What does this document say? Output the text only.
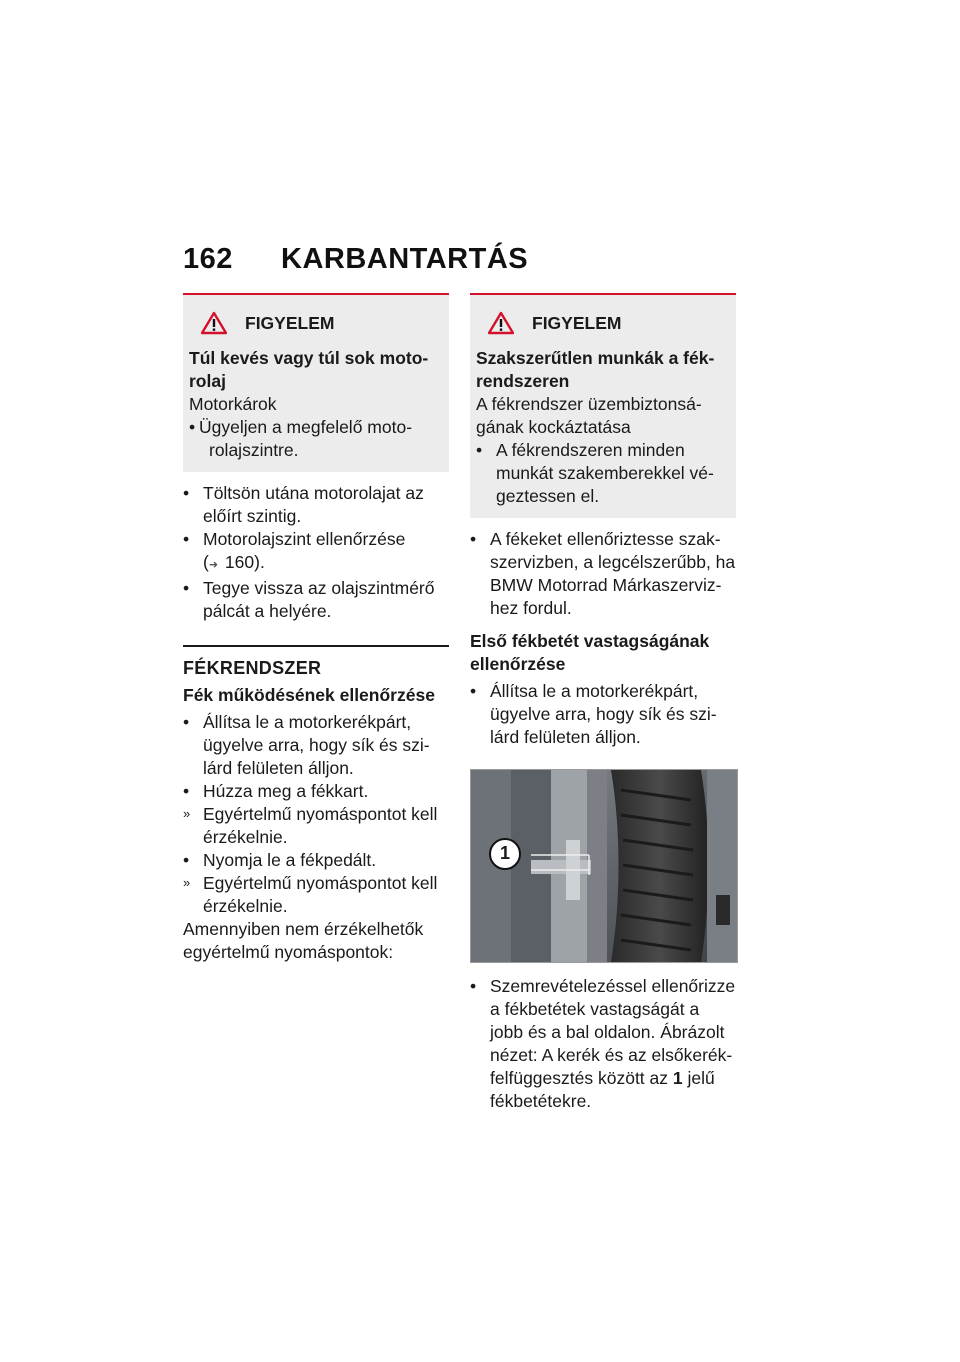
162 KARBANTARTÁS
FIGYELEM
Túl kevés vagy túl sok motorolaj
Motorkárok
• Ügyeljen a megfelelő motorolajszintre.
• Töltsön utána motorolajat az előírt szintig.
• Motorolajszint ellenőrzése
(➜ 160).
• Tegye vissza az olajszintmérő pálcát a helyére.
FÉKRENDSZER
Fék működésének ellenőrzése
• Állítsa le a motorkerékpárt, ügyelve arra, hogy sík és szilárd felületen álljon.
• Húzza meg a fékkart.
» Egyértelmű nyomáspontot kell érzékelnie.
• Nyomja le a fékpedált.
» Egyértelmű nyomáspontot kell érzékelnie.
Amennyiben nem érzékelhetők egyértelmű nyomáspontok:
FIGYELEM
Szakszerűtlen munkák a fékrendszeren
A fékrendszer üzembiztonságának kockáztatása
• A fékrendszeren minden munkát szakemberekkel végeztessen el.
• A fékeket ellenőriztesse szakszervizben, a legcélszerűbb, ha BMW Motorrad Márkaszervizhez fordul.
Első fékbetét vastagságának ellenőrzése
• Állítsa le a motorkerékpárt, ügyelve arra, hogy sík és szilárd felületen álljon.
1
• Szemrevételezéssel ellenőrizze a fékbetétek vastagságát a jobb és a bal oldalon. Ábrázolt nézet: A kerék és az elsőkerék-felfüggesztés között az 1 jelű fékbetétekre.
